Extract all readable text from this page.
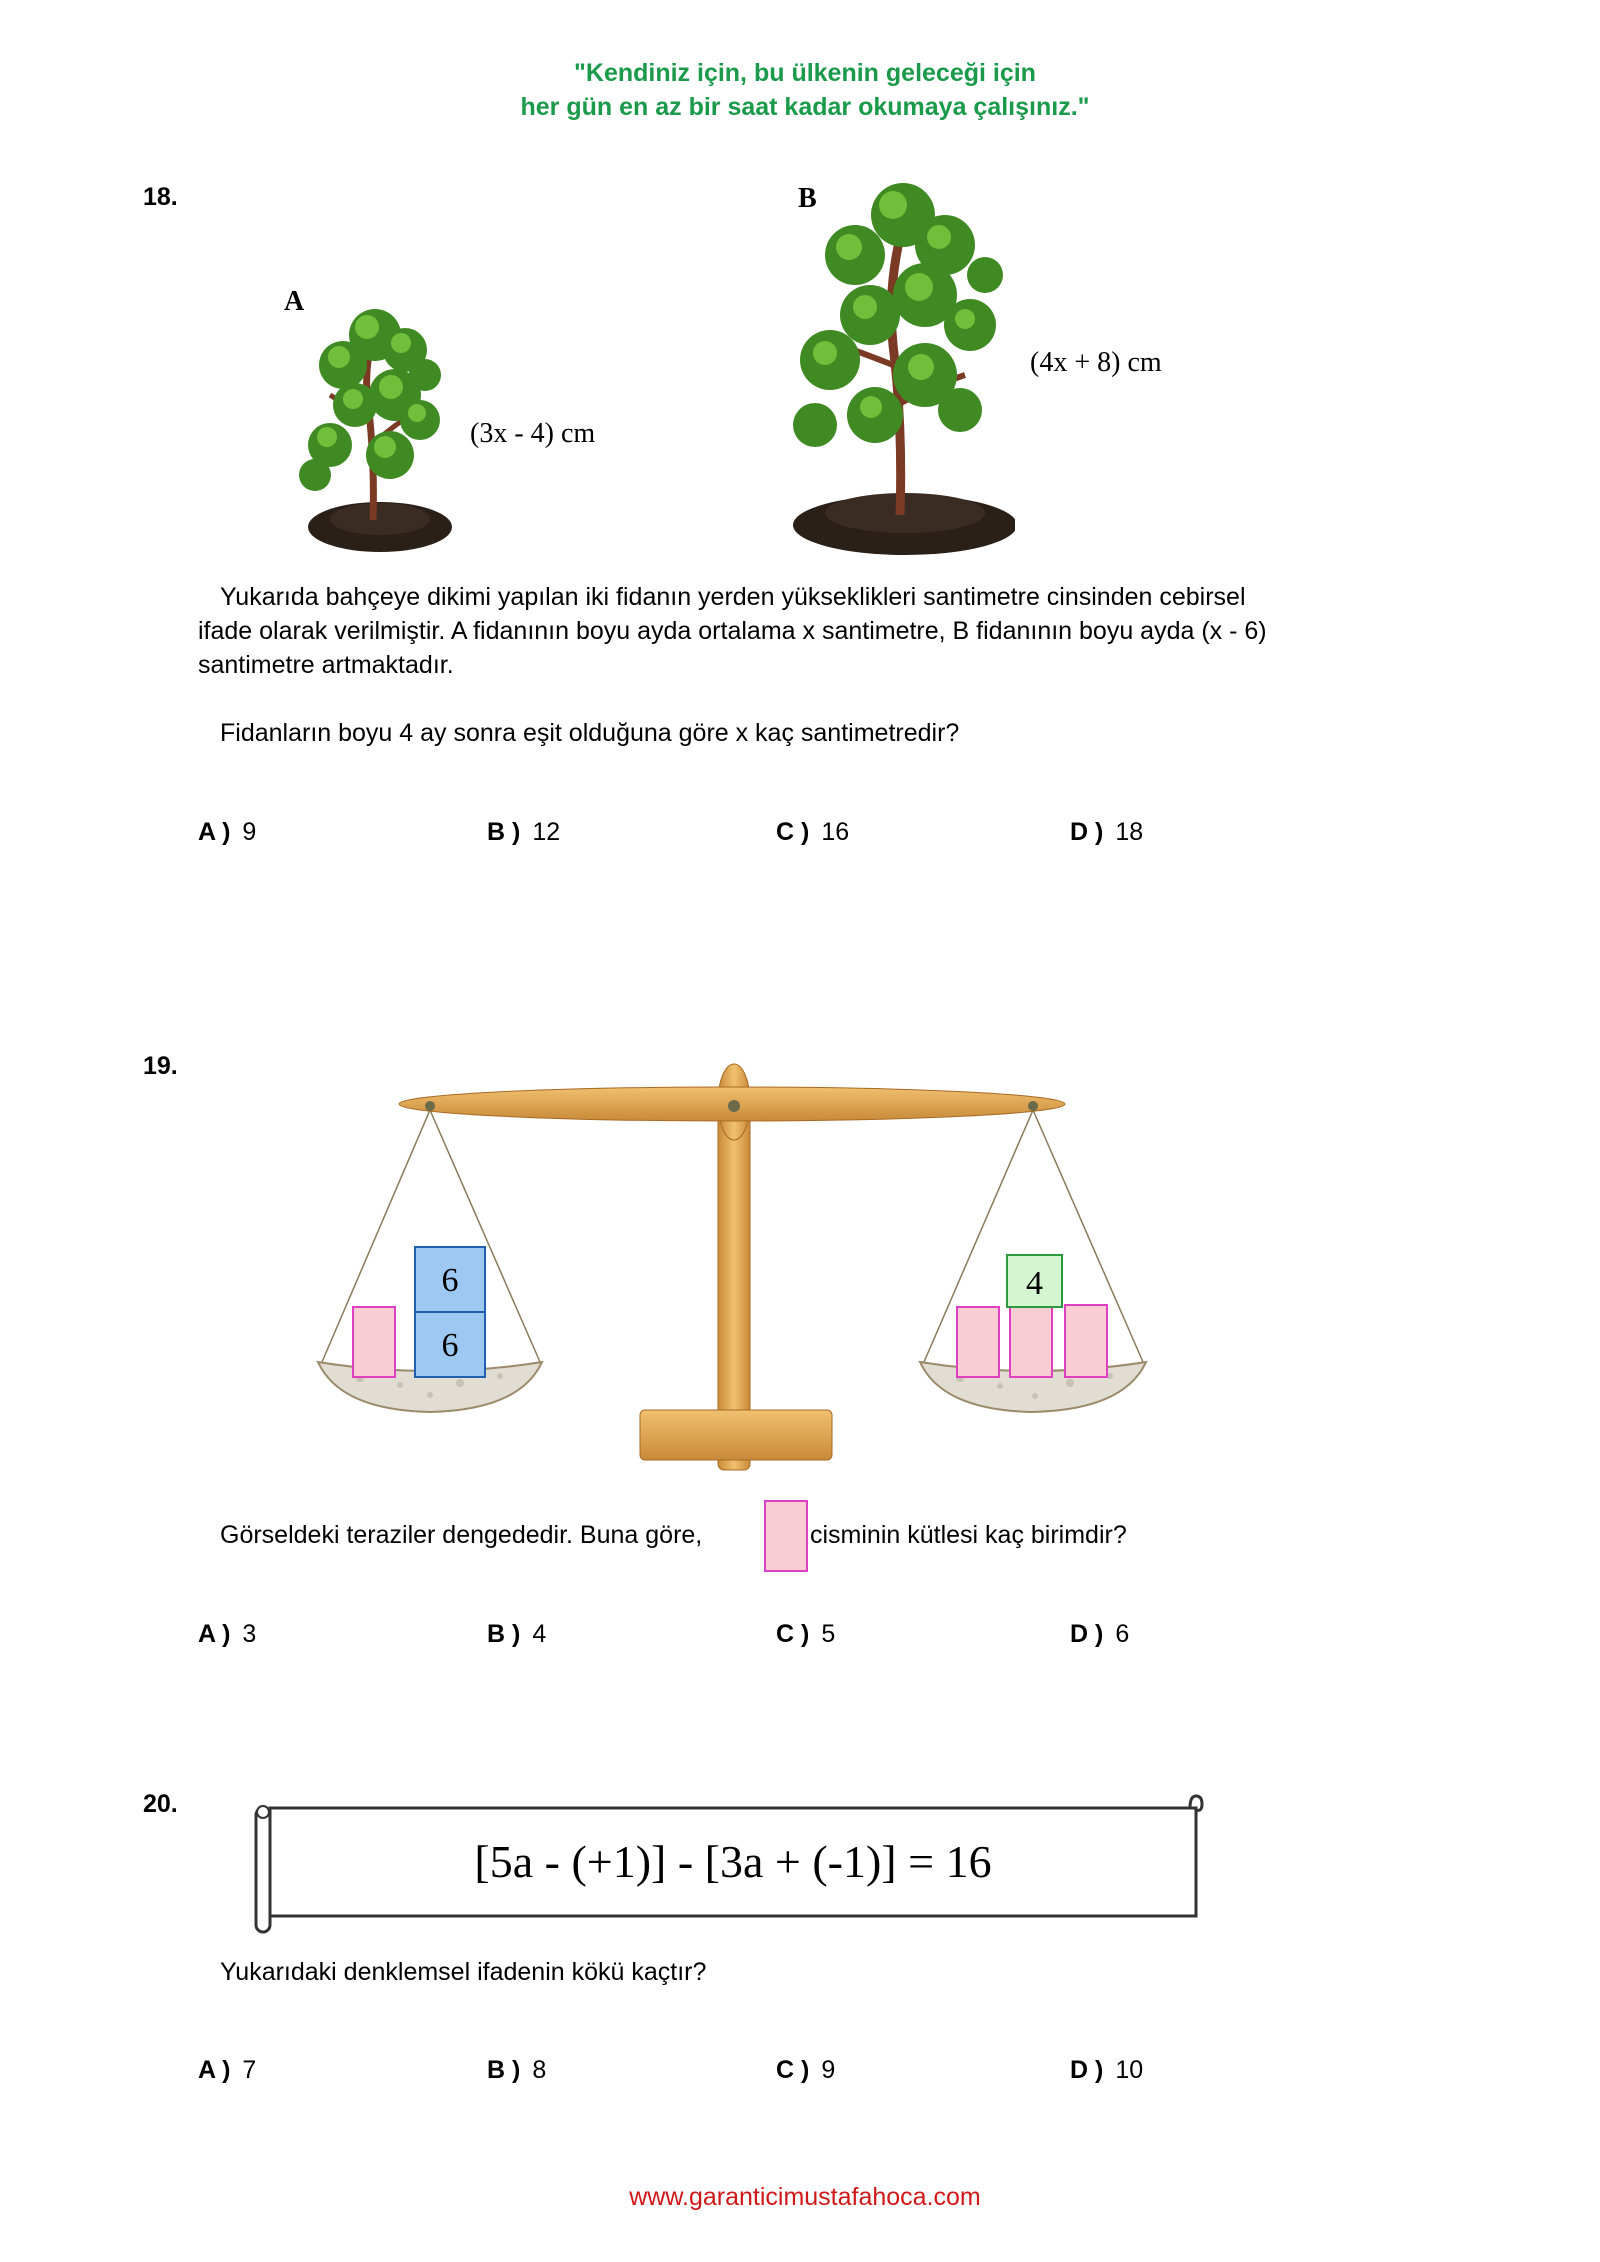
"Kendiniz için, bu ülkenin geleceği için
her gün en az bir saat kadar okumaya çalışınız."
18.
A
B
(3x - 4) cm
(4x + 8) cm
Yukarıda bahçeye dikimi yapılan iki fidanın yerden yükseklikleri santimetre cinsinden cebirsel
ifade olarak verilmiştir. A fidanının boyu ayda ortalama x santimetre, B fidanının boyu ayda (x - 6)
santimetre artmaktadır.
Fidanların boyu 4 ay sonra eşit olduğuna göre x kaç santimetredir?
A ) 9	B ) 12	C ) 16	D ) 18
19.
6
6
4
Görseldeki teraziler dengededir. Buna göre,	cisminin kütlesi kaç birimdir?
A ) 3	B ) 4	C ) 5	D ) 6
20.
[5a - (+1)] - [3a + (-1)] = 16
Yukarıdaki denklemsel ifadenin kökü kaçtır?
A ) 7	B ) 8	C ) 9	D ) 10
www.garanticimustafahoca.com
